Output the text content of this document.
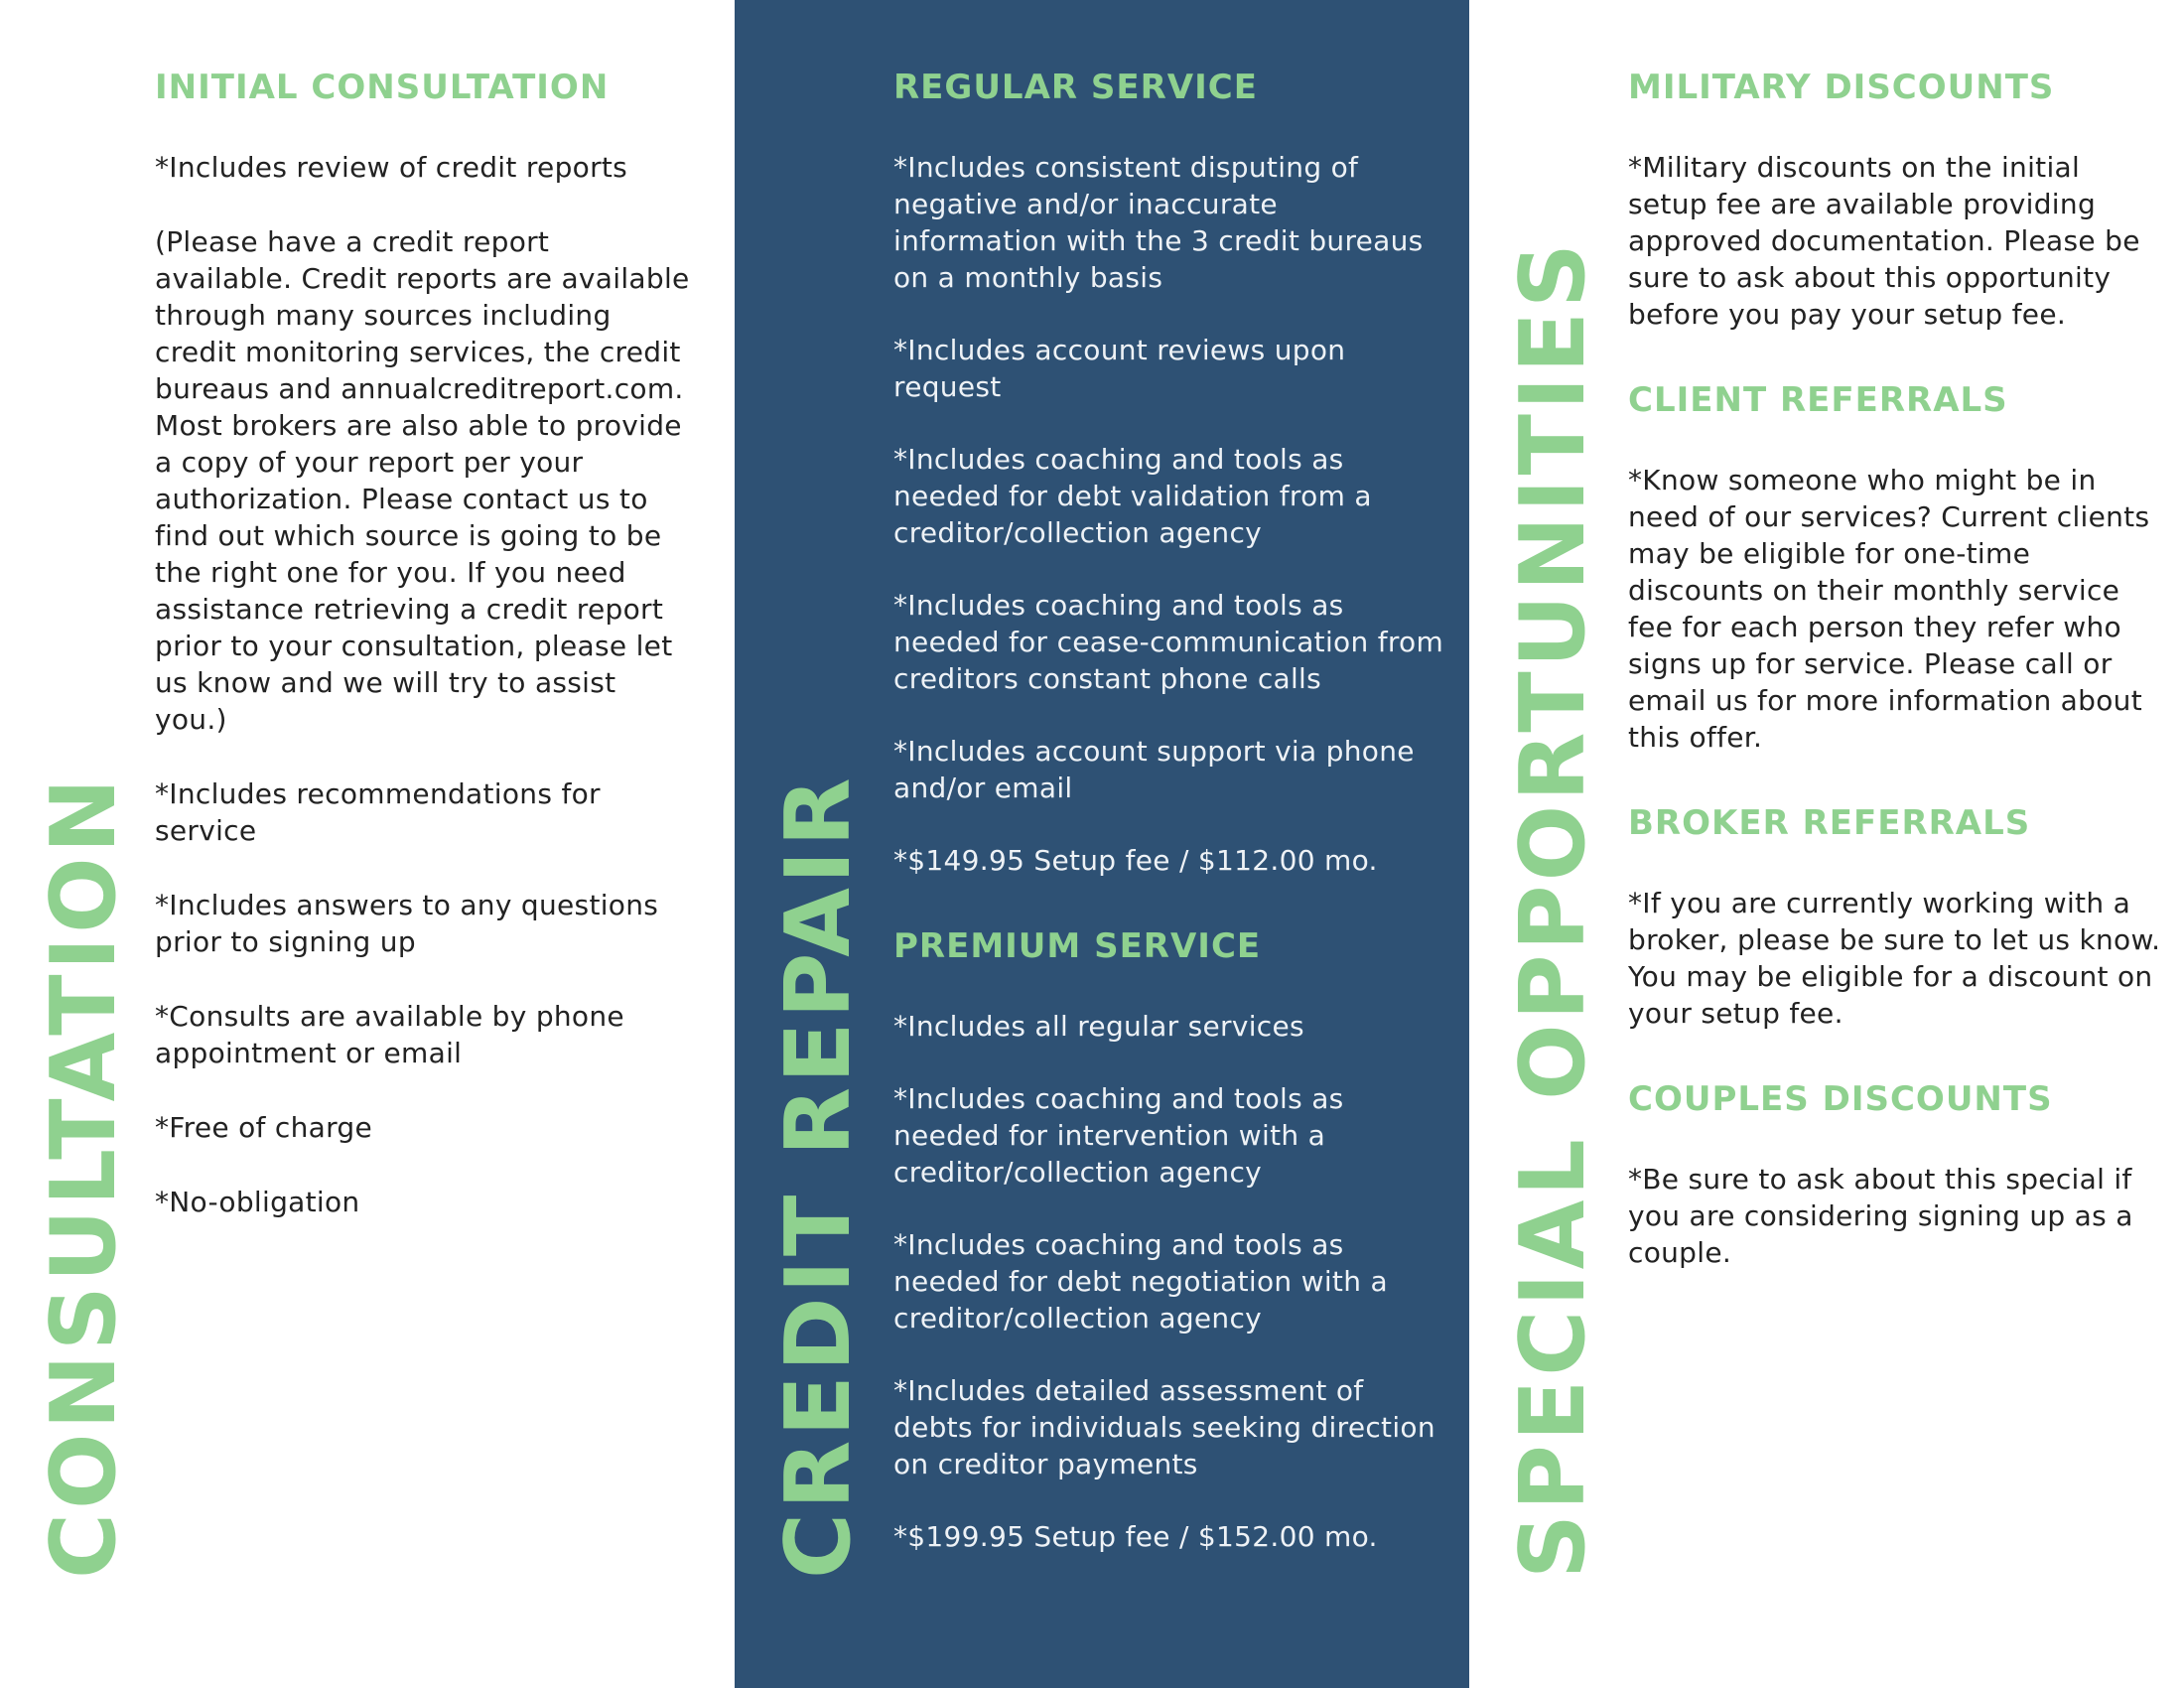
CONSULTATION
INITIAL CONSULTATION

*Includes review of credit reports

(Please have a credit report available. Credit reports are available through many sources including credit monitoring services, the credit bureaus and annualcreditreport.com. Most brokers are also able to provide a copy of your report per your authorization. Please contact us to find out which source is going to be the right one for you. If you need assistance retrieving a credit report prior to your consultation, please let us know and we will try to assist you.)

*Includes recommendations for service

*Includes answers to any questions prior to signing up

*Consults are available by phone appointment or email

*Free of charge

*No-obligation	CREDIT REPAIR
REGULAR SERVICE

*Includes consistent disputing of negative and/or inaccurate information with the 3 credit bureaus on a monthly basis

*Includes account reviews upon request

*Includes coaching and tools as needed for debt validation from a creditor/collection agency

*Includes coaching and tools as needed for cease-communication from creditors constant phone calls

*Includes account support via phone and/or email

*$149.95 Setup fee / $112.00 mo.

PREMIUM SERVICE

*Includes all regular services

*Includes coaching and tools as needed for intervention with a creditor/collection agency

*Includes coaching and tools as needed for debt negotiation with a creditor/collection agency

*Includes detailed assessment of debts for individuals seeking direction on creditor payments

*$199.95 Setup fee / $152.00 mo.	SPECIAL OPPORTUNITIES
MILITARY DISCOUNTS

*Military discounts on the initial setup fee are available providing approved documentation. Please be sure to ask about this opportunity before you pay your setup fee.

CLIENT REFERRALS

*Know someone who might be in need of our services? Current clients may be eligible for one-time discounts on their monthly service fee for each person they refer who signs up for service. Please call or email us for more information about this offer.

BROKER REFERRALS

*If you are currently working with a broker, please be sure to let us know. You may be eligible for a discount on your setup fee.

COUPLES DISCOUNTS

*Be sure to ask about this special if you are considering signing up as a couple.
